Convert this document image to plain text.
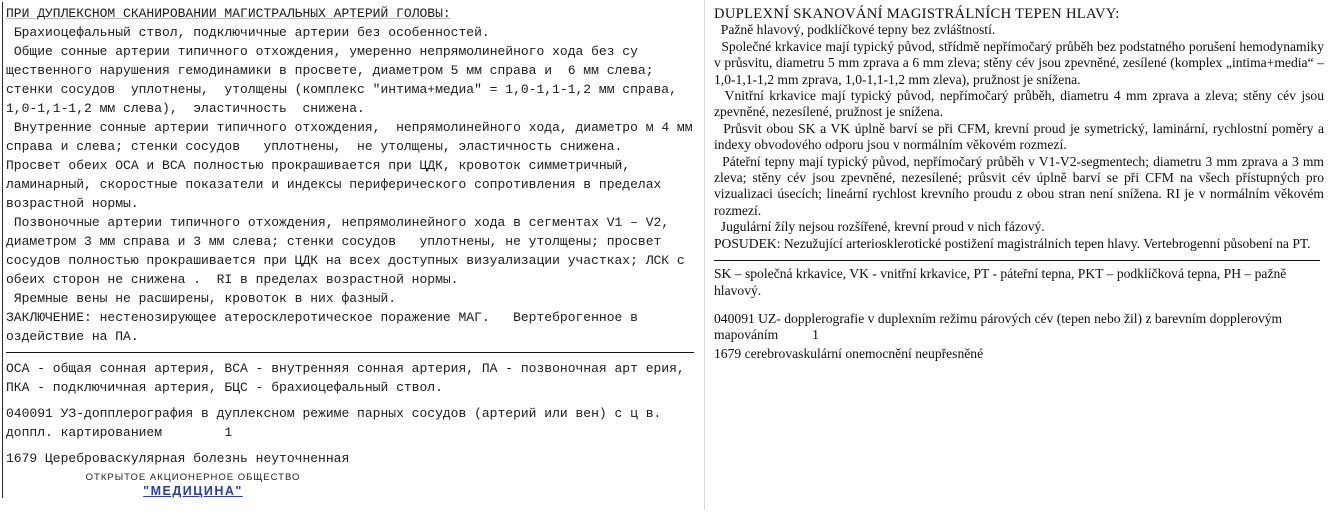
ПРИ ДУПЛЕКСНОМ СКАНИРОВАНИИ МАГИСТРАЛЬНЫХ АРТЕРИЙ ГОЛОВЫ:
Брахиоцефальный ствол, подключичные артерии без особенностей.
Общие сонные артерии типичного отхождения, умеренно непрямолинейного хода без су щественного нарушения гемодинамики в просвете, диаметром 5 мм справа и  6 мм слева; стенки сосудов  уплотнены,  утолщены (комплекс "интима+медиа" = 1,0-1,1-1,2 мм справа, 1,0-1,1-1,2 мм слева),  эластичность  снижена.
Внутренние сонные артерии типичного отхождения,  непрямолинейного хода, диаметро м 4 мм справа и слева; стенки сосудов   уплотнены,  не утолщены, эластичность снижена.
Просвет обеих ОСА и ВСА полностью прокрашивается при ЦДК, кровоток симметричный, ламинарный, скоростные показатели и индексы периферического сопротивления в пределах возрастной нормы.
Позвоночные артерии типичного отхождения, непрямолинейного хода в сегментах V1 – V2,  диаметром 3 мм справа и 3 мм слева; стенки сосудов   уплотнены, не утолщены; просвет сосудов полностью прокрашивается при ЦДК на всех доступных визуализации участках; ЛСК с обеих сторон не снижена .  RI в пределах возрастной нормы.
Яремные вены не расширены, кровоток в них фазный.
ЗАКЛЮЧЕНИЕ: нестенозирующее атеросклеротическое поражение МАГ.   Вертеброгенное в оздействие на ПА.
ОСА - общая сонная артерия, ВСА - внутренняя сонная артерия, ПА - позвоночная арт ерия, ПКА - подключичная артерия, БЦС - брахиоцефальный ствол.
040091 УЗ-допплерография в дуплексном режиме парных сосудов (артерий или вен) с ц в. доппл. картированием        1
1679 Цереброваскулярная болезнь неуточненная
ОТКРЫТОЕ АКЦИОНЕРНОЕ ОБЩЕСТВО
"МЕДИЦИНА"
DUPLEXNÍ SKANOVÁNÍ MAGISTRÁLNÍCH TEPEN HLAVY:
Pažně hlavový, podklíčkové tepny bez zvláštností.
Společné krkavice mají typický původ, střídmě nepřímočarý průběh bez podstatného porušení hemodynamiky v průsvitu, diametru 5 mm zprava a 6 mm zleva; stěny cév jsou zpevněné, zesílené (komplex „intima+media“ – 1,0-1,1-1,2 mm zprava, 1,0-1,1-1,2 mm zleva), pružnost je snížena.
Vnitřní krkavice mají typický původ, nepřímočarý průběh, diametru 4 mm zprava a zleva; stěny cév jsou zpevněné, nezesílené, pružnost je snížena.
Průsvit obou SK a VK úplně barví se při CFM, krevní proud je symetrický, laminární, rychlostní poměry a indexy obvodového odporu jsou v normálním věkovém rozmezí.
Páteřní tepny mají typický původ, nepřímočarý průběh v V1-V2-segmentech; diametru 3 mm zprava a 3 mm zleva; stěny cév jsou zpevněné, nezesílené; průsvit cév úplně barví se při CFM na všech přístupných pro vizualizaci úsecích; lineární rychlost krevního proudu z obou stran není snížena. RI je v normálním věkovém rozmezí.
Jugulární žíly nejsou rozšířené, krevní proud v nich fázový.
POSUDEK: Nezužující arteriosklerotické postižení magistrálních tepen hlavy. Vertebrogenní působení na PT.
SK – společná krkavice, VK - vnitřní krkavice, PT - páteřní tepna, PKT – podklíčková tepna, PH – pažně hlavový.
040091 UZ- dopplerografie v duplexním režimu párových cév (tepen nebo žil) z barevním dopplerovým mapováním          1
1679 cerebrovaskulární onemocnění neupřesněné
